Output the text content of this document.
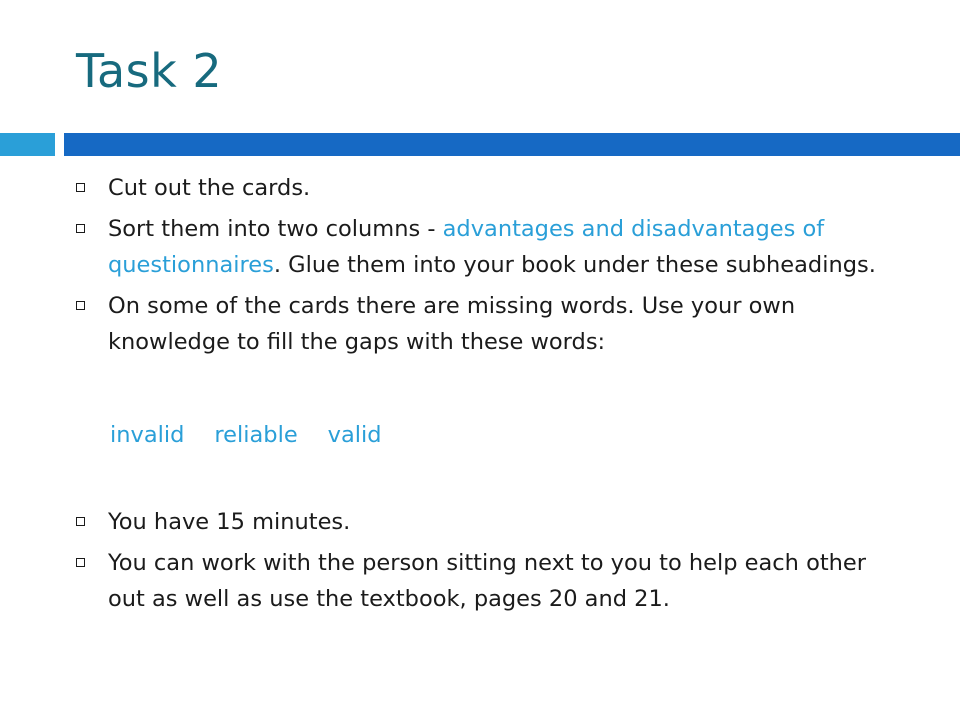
Task 2
Cut out the cards.
Sort them into two columns - advantages and disadvantages of questionnaires. Glue them into your book under these subheadings.
On some of the cards there are missing words. Use your own knowledge to fill the gaps with these words:

invalid reliable valid

You have 15 minutes.
You can work with the person sitting next to you to help each other out as well as use the textbook, pages 20 and 21.
